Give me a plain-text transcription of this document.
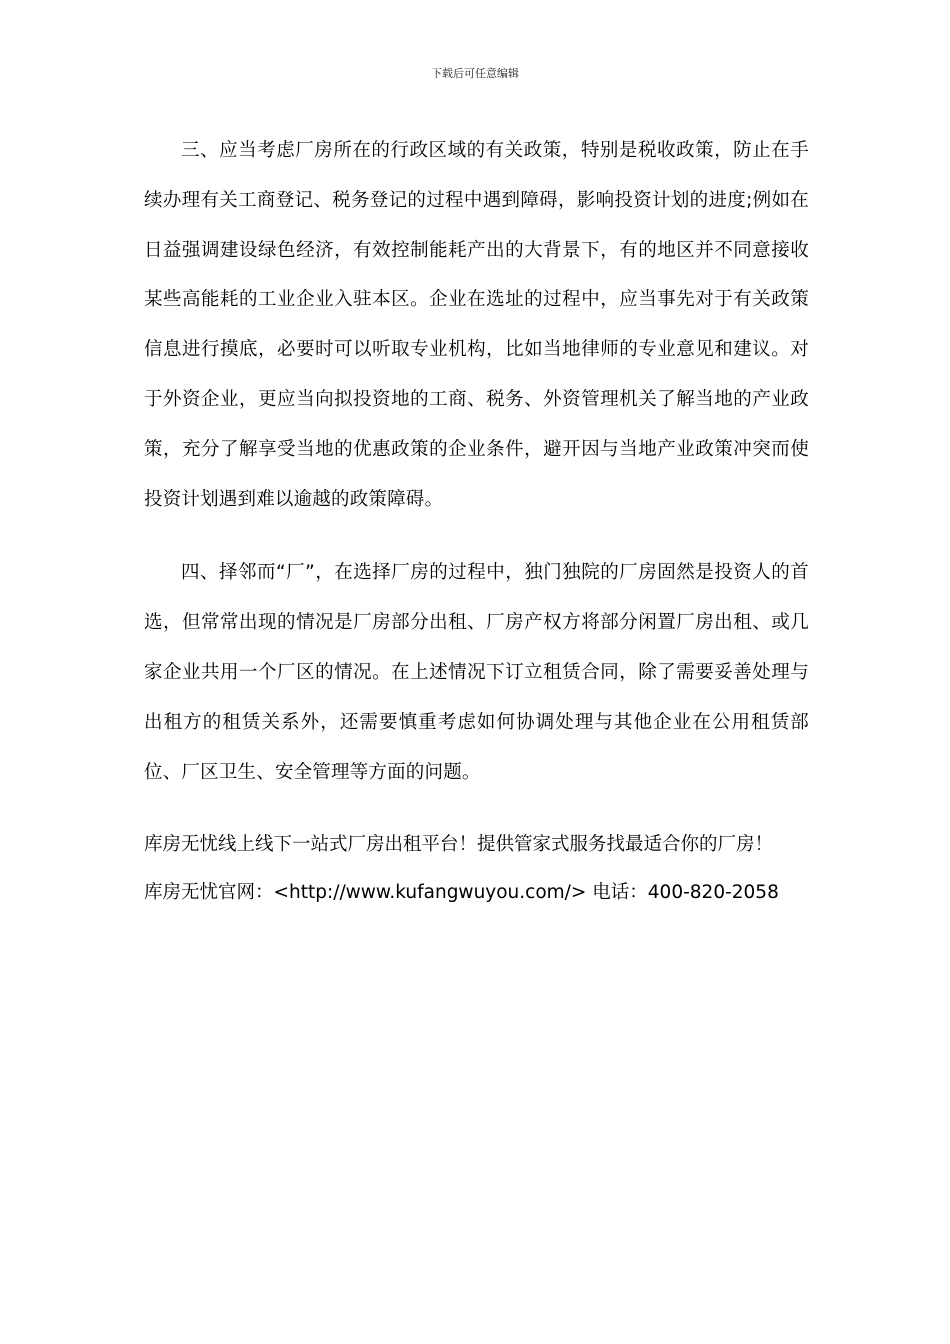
下载后可任意编辑

三、应当考虑厂房所在的行政区域的有关政策，特别是税收政策，防止在手续办理有关工商登记、税务登记的过程中遇到障碍，影响投资计划的进度;例如在日益强调建设绿色经济，有效控制能耗产出的大背景下，有的地区并不同意接收某些高能耗的工业企业入驻本区。企业在选址的过程中，应当事先对于有关政策信息进行摸底，必要时可以听取专业机构，比如当地律师的专业意见和建议。对于外资企业，更应当向拟投资地的工商、税务、外资管理机关了解当地的产业政策，充分了解享受当地的优惠政策的企业条件，避开因与当地产业政策冲突而使投资计划遇到难以逾越的政策障碍。

四、择邻而“厂”，在选择厂房的过程中，独门独院的厂房固然是投资人的首选，但常常出现的情况是厂房部分出租、厂房产权方将部分闲置厂房出租、或几家企业共用一个厂区的情况。在上述情况下订立租赁合同，除了需要妥善处理与出租方的租赁关系外，还需要慎重考虑如何协调处理与其他企业在公用租赁部位、厂区卫生、安全管理等方面的问题。

库房无忧线上线下一站式厂房出租平台！提供管家式服务找最适合你的厂房！

库房无忧官网：<http://www.kufangwuyou.com/> 电话：400-820-2058
